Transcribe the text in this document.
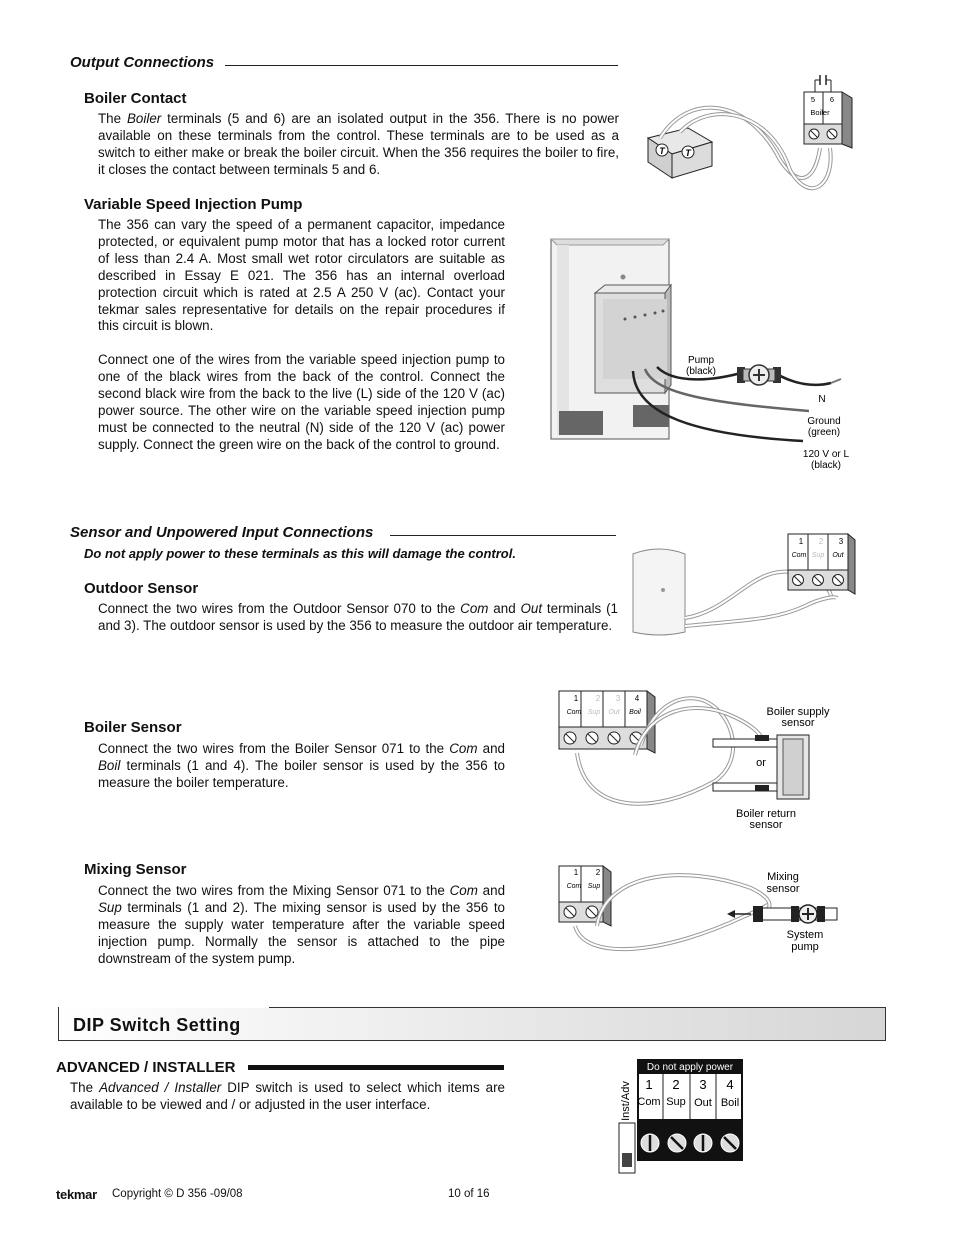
Output Connections
Boiler Contact
The Boiler terminals (5 and 6) are an isolated output in the 356. There is no power available on these terminals from the control. These terminals are to be used as a switch to either make or break the boiler circuit. When the 356 requires the boiler to fire, it closes the contact between terminals 5 and 6.
Variable Speed Injection Pump
The 356 can vary the speed of a permanent capacitor, impedance protected, or equivalent pump motor that has a locked rotor current of less than 2.4 A. Most small wet rotor circulators are suitable as described in Essay E 021. The 356 has an internal overload protection circuit which is rated at 2.5 A 250 V (ac). Contact your tekmar sales representative for details on the repair procedures if this circuit is blown.
Connect one of the wires from the variable speed injection pump to one of the black wires from the back of the control. Connect the second black wire from the back to the live (L) side of the 120 V (ac) power source. The other wire on the variable speed injection pump must be connected to the neutral (N) side of the 120 V (ac) power supply. Connect the green wire on the back of the control to ground.
T T
5 6
Boiler
Pump
(black)
N
Ground
(green)
120 V or L
(black)
Sensor and Unpowered Input Connections
Do not apply power to these terminals as this will damage the control.
Outdoor Sensor
Connect the two wires from the Outdoor Sensor 070 to the Com and Out terminals (1 and 3). The outdoor sensor is used by the 356 to measure the outdoor air temperature.
Boiler Sensor
Connect the two wires from the Boiler Sensor 071 to the Com and Boil terminals (1 and 4). The boiler sensor is used by the 356 to measure the boiler temperature.
Mixing Sensor
Connect the two wires from the Mixing Sensor 071 to the Com and Sup terminals (1 and 2). The mixing sensor is used by the 356 to measure the supply water temperature after the variable speed injection pump. Normally the sensor is attached to the pipe downstream of the system pump.
1 2 3
Com Sup Out
1 2 3 4
Com Sup Out Boil	Boiler supply
sensor
or
Boiler return
sensor
1 2
Com Sup
Mixing
sensor
System
pump
DIP Switch Setting
ADVANCED / INSTALLER
The Advanced / Installer DIP switch is used to select which items are available to be viewed and / or adjusted in the user interface.	Inst/Adv
Do not apply power
1 2 3 4
Com Sup Out Boil
tekmar Copyright © D 356 -09/08	10 of 16
